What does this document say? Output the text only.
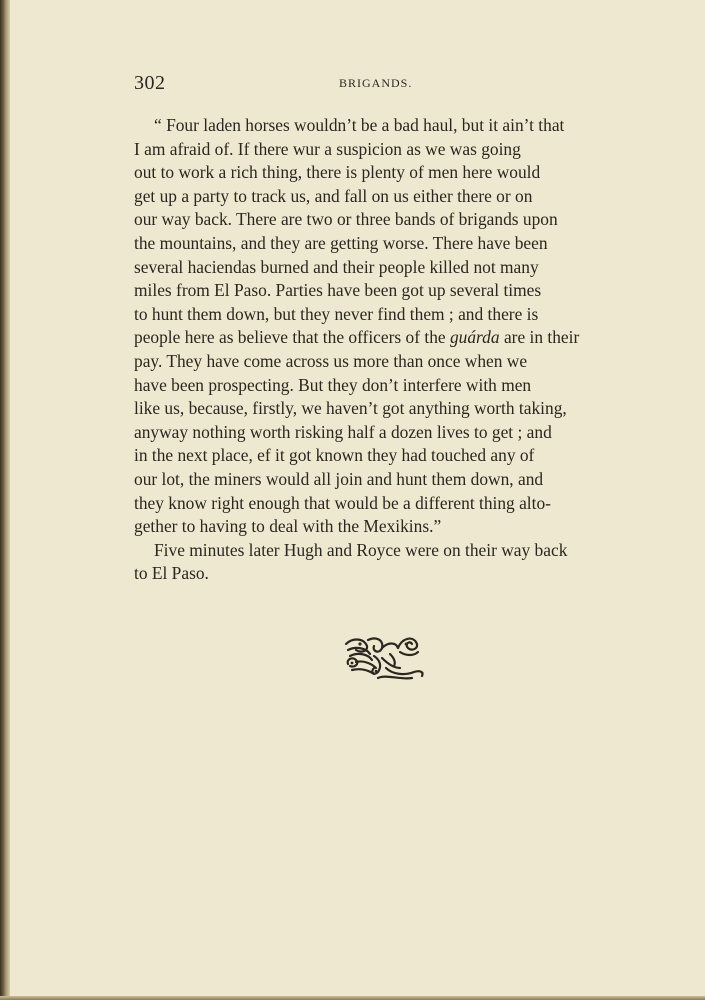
302	BRIGANDS.

“ Four laden horses wouldn’t be a bad haul, but it ain’t that
I am afraid of. If there wur a suspicion as we was going
out to work a rich thing, there is plenty of men here would
get up a party to track us, and fall on us either there or on
our way back. There are two or three bands of brigands upon
the mountains, and they are getting worse. There have been
several haciendas burned and their people killed not many
miles from El Paso. Parties have been got up several times
to hunt them down, but they never find them ; and there is
people here as believe that the officers of the guárda are in their
pay. They have come across us more than once when we
have been prospecting. But they don’t interfere with men
like us, because, firstly, we haven’t got anything worth taking,
anyway nothing worth risking half a dozen lives to get ; and
in the next place, ef it got known they had touched any of
our lot, the miners would all join and hunt them down, and
they know right enough that would be a different thing alto-
gether to having to deal with the Mexikins.”

Five minutes later Hugh and Royce were on their way back
to El Paso.
